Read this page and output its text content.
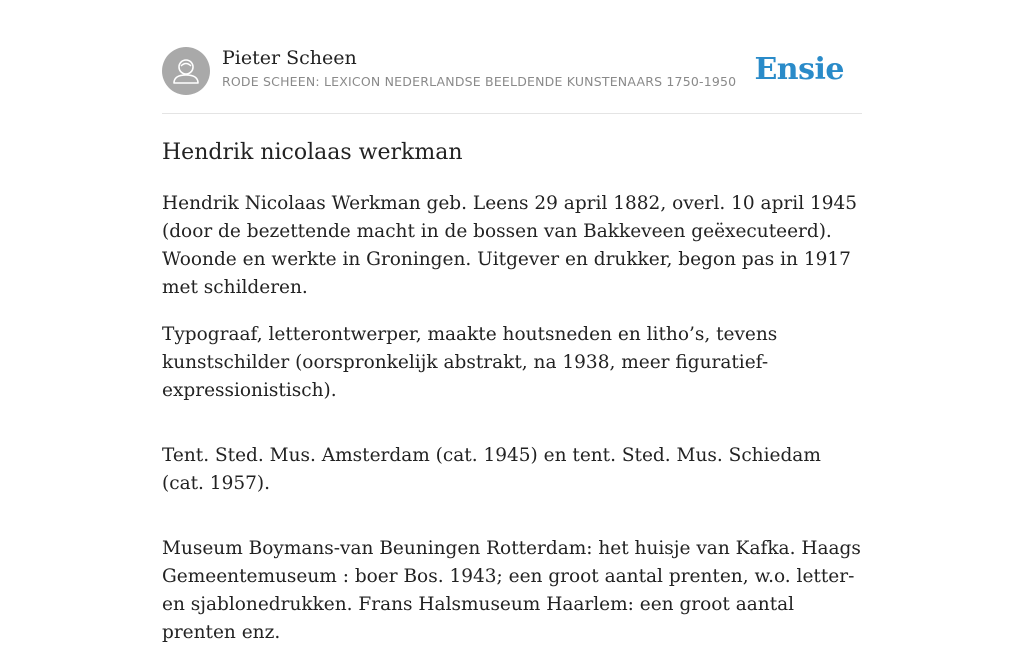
Pieter Scheen
RODE SCHEEN: LEXICON NEDERLANDSE BEELDENDE KUNSTENAARS 1750-1950 Ensie
Hendrik nicolaas werkman

Hendrik Nicolaas Werkman geb. Leens 29 april 1882, overl. 10 april 1945 (door de bezettende macht in de bossen van Bakkeveen geëxecuteerd). Woonde en werkte in Groningen. Uitgever en drukker, begon pas in 1917 met schilderen.

Typograaf, letterontwerper, maakte houtsneden en litho’s, tevens kunstschilder (oorspronkelijk abstrakt, na 1938, meer figuratief-expressionistisch).

Tent. Sted. Mus. Amsterdam (cat. 1945) en tent. Sted. Mus. Schiedam (cat. 1957).

Museum Boymans-van Beuningen Rotterdam: het huisje van Kafka. Haags Gemeentemuseum : boer Bos. 1943; een groot aantal prenten, w.o. letter- en sjablonedrukken. Frans Halsmuseum Haarlem: een groot aantal prenten enz.
